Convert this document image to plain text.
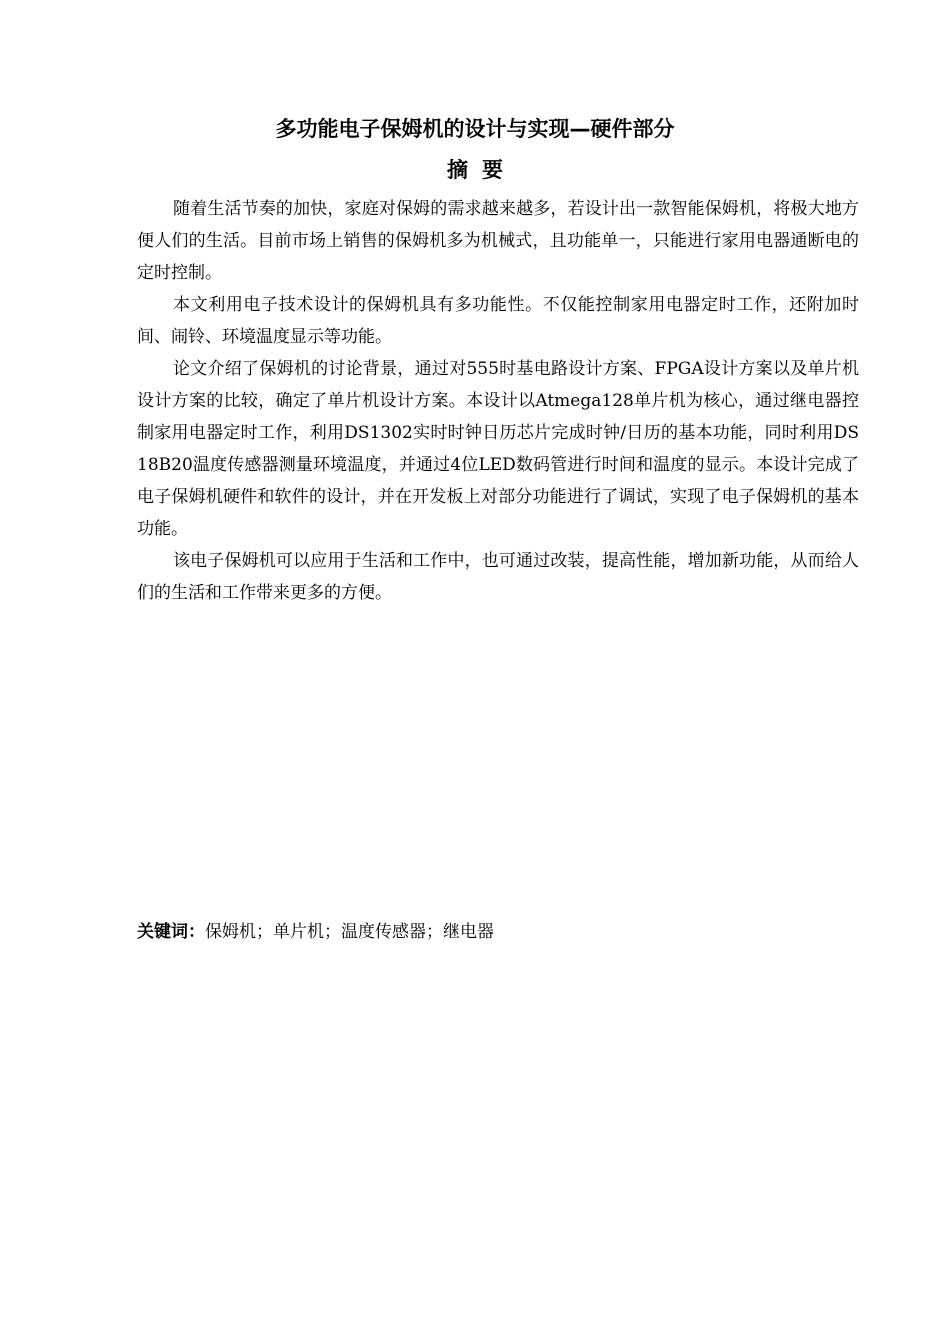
多功能电子保姆机的设计与实现—硬件部分
摘要

随着生活节奏的加快，家庭对保姆的需求越来越多，若设计出一款智能保姆机，将极大地方便人们的生活。目前市场上销售的保姆机多为机械式，且功能单一，只能进行家用电器通断电的定时控制。

本文利用电子技术设计的保姆机具有多功能性。不仅能控制家用电器定时工作，还附加时间、闹铃、环境温度显示等功能。

论文介绍了保姆机的讨论背景，通过对555时基电路设计方案、FPGA设计方案以及单片机设计方案的比较，确定了单片机设计方案。本设计以Atmega128单片机为核心，通过继电器控制家用电器定时工作，利用DS1302实时时钟日历芯片完成时钟/日历的基本功能，同时利用DS18B20温度传感器测量环境温度，并通过4位LED数码管进行时间和温度的显示。本设计完成了电子保姆机硬件和软件的设计，并在开发板上对部分功能进行了调试，实现了电子保姆机的基本功能。

该电子保姆机可以应用于生活和工作中，也可通过改装，提高性能，增加新功能，从而给人们的生活和工作带来更多的方便。

关键词：保姆机；单片机；温度传感器；继电器
